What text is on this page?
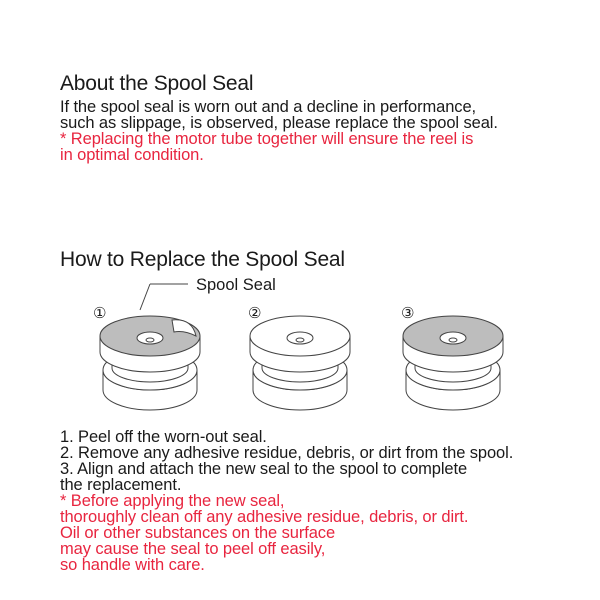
About the Spool Seal
If the spool seal is worn out and a decline in performance,
such as slippage, is observed, please replace the spool seal.
* Replacing the motor tube together will ensure the reel is
in optimal condition.
How to Replace the Spool Seal
Spool Seal
①	②	③
1. Peel off the worn-out seal.
2. Remove any adhesive residue, debris, or dirt from the spool.
3. Align and attach the new seal to the spool to complete
the replacement.
* Before applying the new seal,
thoroughly clean off any adhesive residue, debris, or dirt.
Oil or other substances on the surface
may cause the seal to peel off easily,
so handle with care.
